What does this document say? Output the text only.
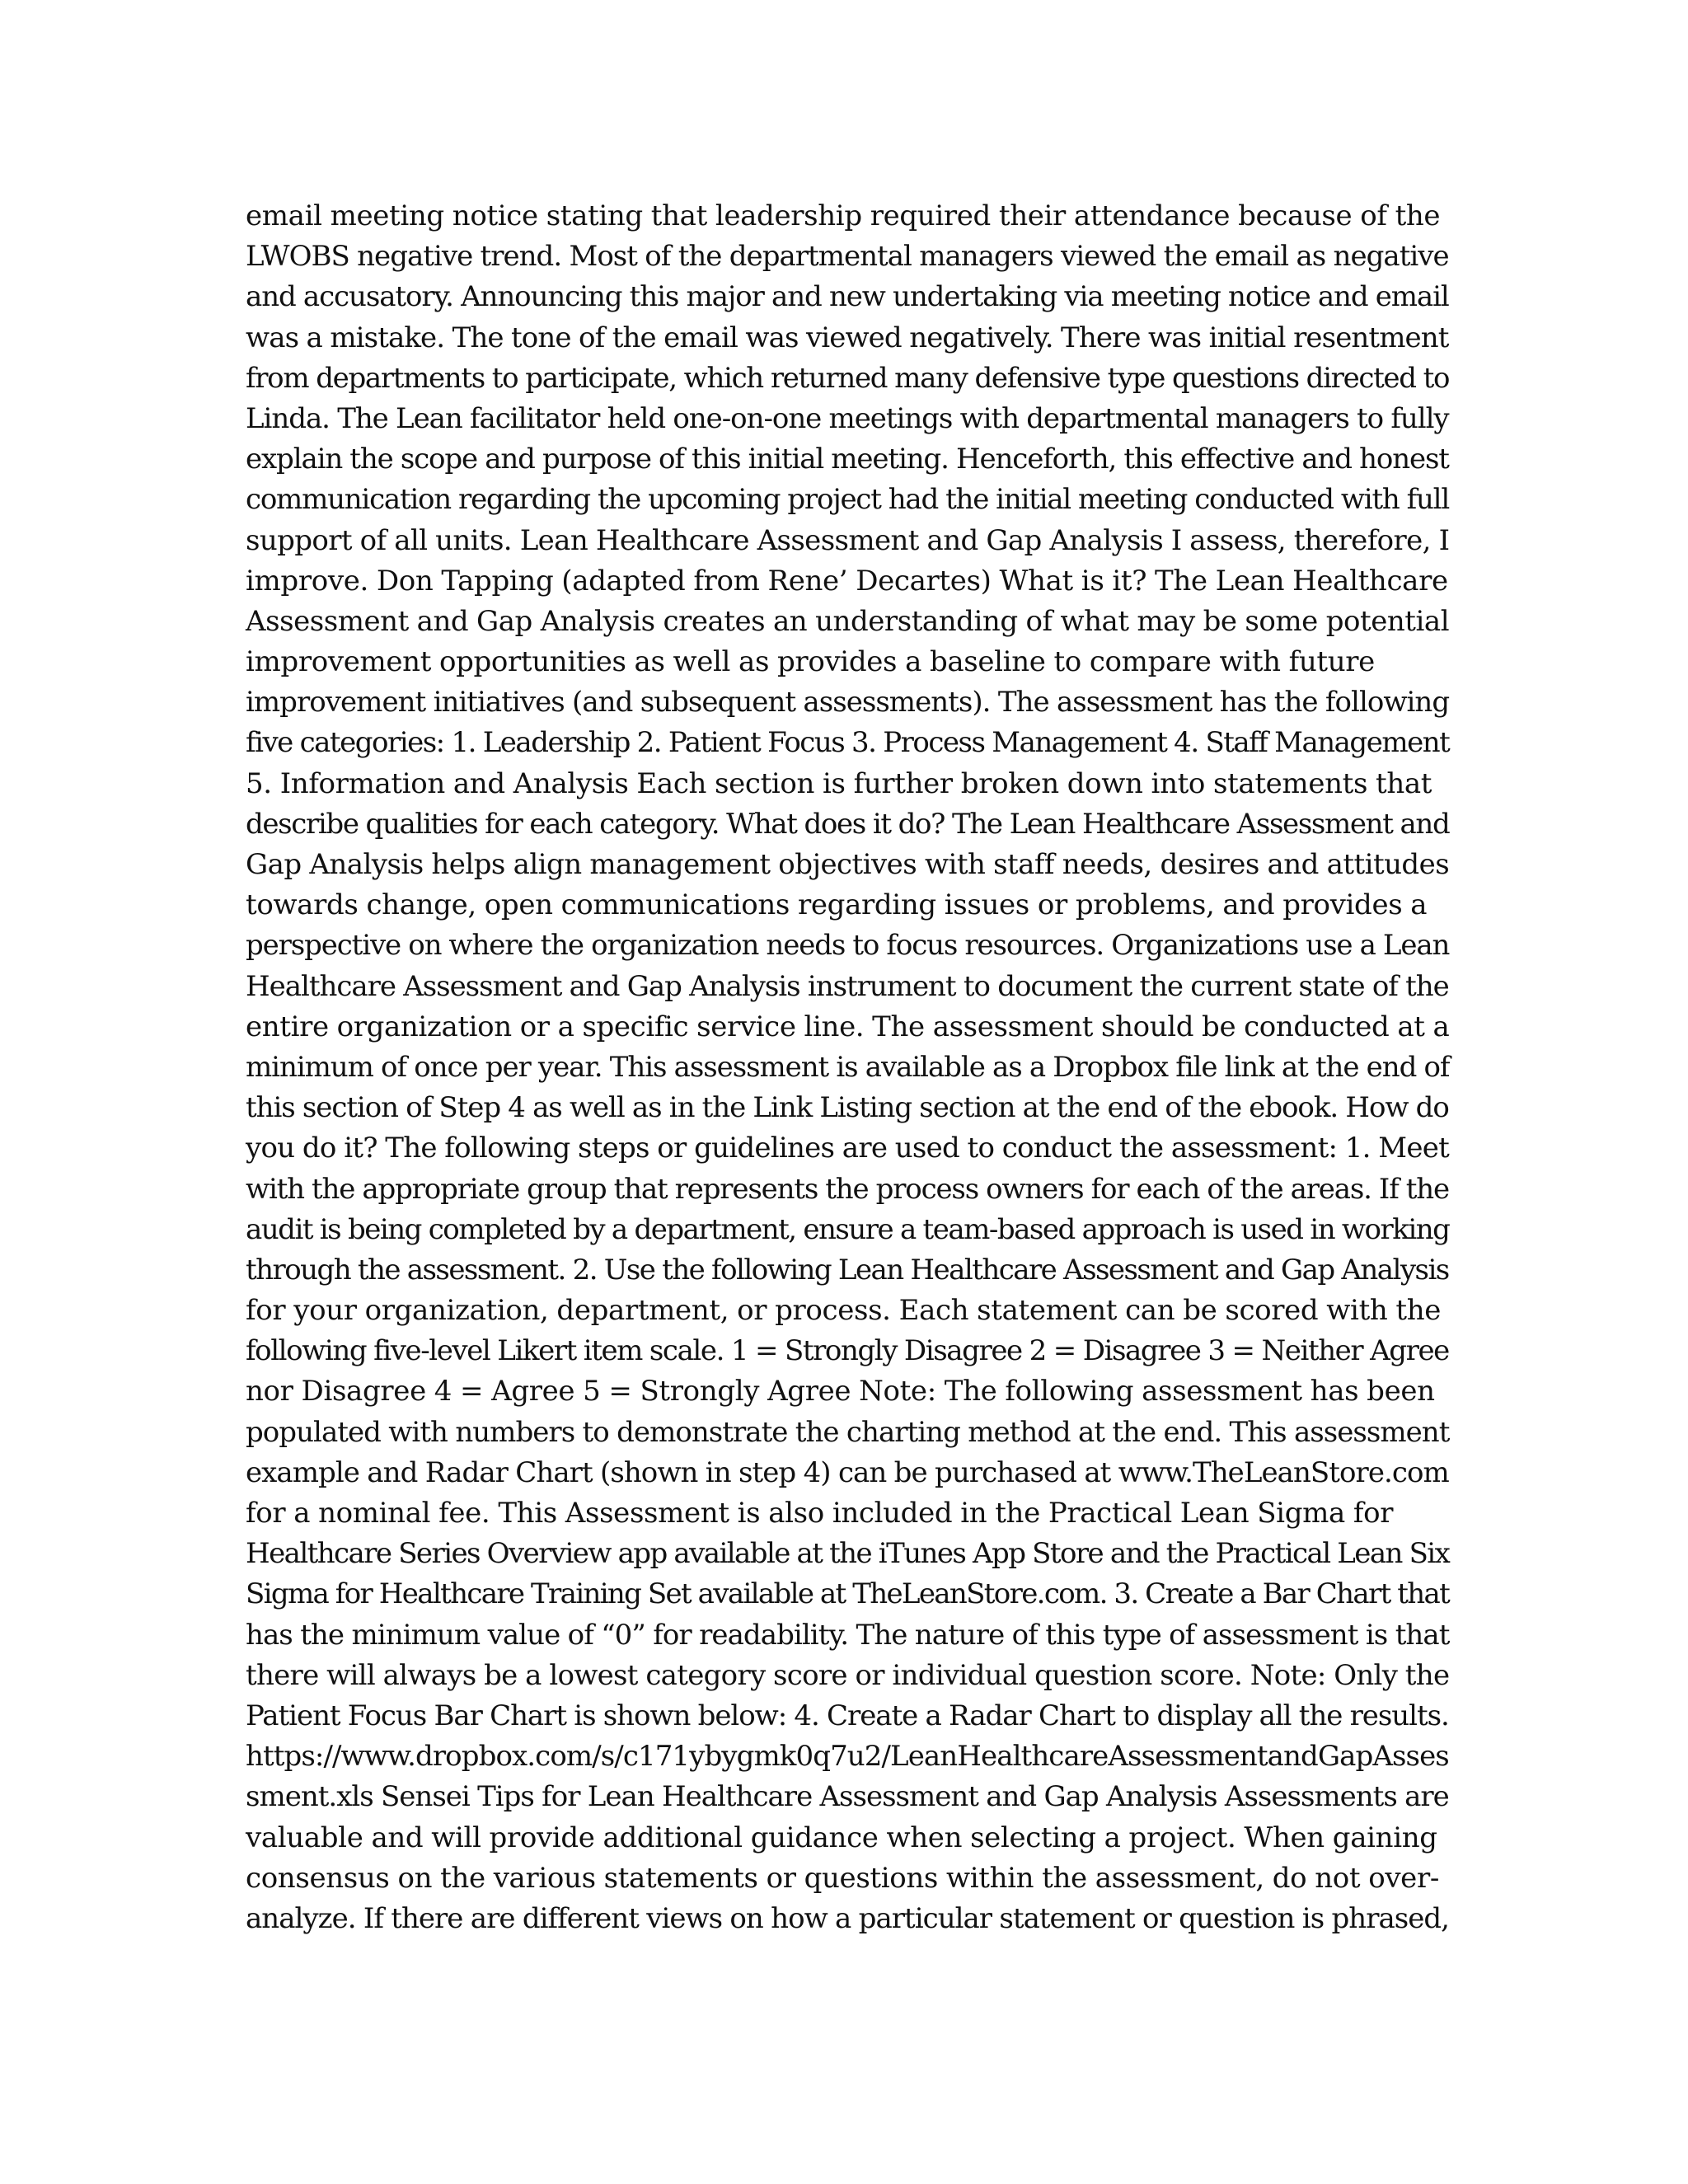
email meeting notice stating that leadership required their attendance because of the
LWOBS negative trend. Most of the departmental managers viewed the email as negative
and accusatory. Announcing this major and new undertaking via meeting notice and email
was a mistake. The tone of the email was viewed negatively. There was initial resentment
from departments to participate, which returned many defensive type questions directed to
Linda. The Lean facilitator held one-on-one meetings with departmental managers to fully
explain the scope and purpose of this initial meeting. Henceforth, this effective and honest
communication regarding the upcoming project had the initial meeting conducted with full
support of all units. Lean Healthcare Assessment and Gap Analysis I assess, therefore, I
improve. Don Tapping (adapted from Rene’ Decartes) What is it? The Lean Healthcare
Assessment and Gap Analysis creates an understanding of what may be some potential
improvement opportunities as well as provides a baseline to compare with future
improvement initiatives (and subsequent assessments). The assessment has the following
five categories: 1. Leadership 2. Patient Focus 3. Process Management 4. Staff Management
5. Information and Analysis Each section is further broken down into statements that
describe qualities for each category. What does it do? The Lean Healthcare Assessment and
Gap Analysis helps align management objectives with staff needs, desires and attitudes
towards change, open communications regarding issues or problems, and provides a
perspective on where the organization needs to focus resources. Organizations use a Lean
Healthcare Assessment and Gap Analysis instrument to document the current state of the
entire organization or a specific service line. The assessment should be conducted at a
minimum of once per year. This assessment is available as a Dropbox file link at the end of
this section of Step 4 as well as in the Link Listing section at the end of the ebook. How do
you do it? The following steps or guidelines are used to conduct the assessment: 1. Meet
with the appropriate group that represents the process owners for each of the areas. If the
audit is being completed by a department, ensure a team-based approach is used in working
through the assessment. 2. Use the following Lean Healthcare Assessment and Gap Analysis
for your organization, department, or process. Each statement can be scored with the
following five-level Likert item scale. 1 = Strongly Disagree 2 = Disagree 3 = Neither Agree
nor Disagree 4 = Agree 5 = Strongly Agree Note: The following assessment has been
populated with numbers to demonstrate the charting method at the end. This assessment
example and Radar Chart (shown in step 4) can be purchased at www.TheLeanStore.com
for a nominal fee. This Assessment is also included in the Practical Lean Sigma for
Healthcare Series Overview app available at the iTunes App Store and the Practical Lean Six
Sigma for Healthcare Training Set available at TheLeanStore.com. 3. Create a Bar Chart that
has the minimum value of “0” for readability. The nature of this type of assessment is that
there will always be a lowest category score or individual question score. Note: Only the
Patient Focus Bar Chart is shown below: 4. Create a Radar Chart to display all the results.
https://www.dropbox.com/s/c171ybygmk0q7u2/LeanHealthcareAssessmentandGapAsses
sment.xls Sensei Tips for Lean Healthcare Assessment and Gap Analysis Assessments are
valuable and will provide additional guidance when selecting a project. When gaining
consensus on the various statements or questions within the assessment, do not over-
analyze. If there are different views on how a particular statement or question is phrased,
